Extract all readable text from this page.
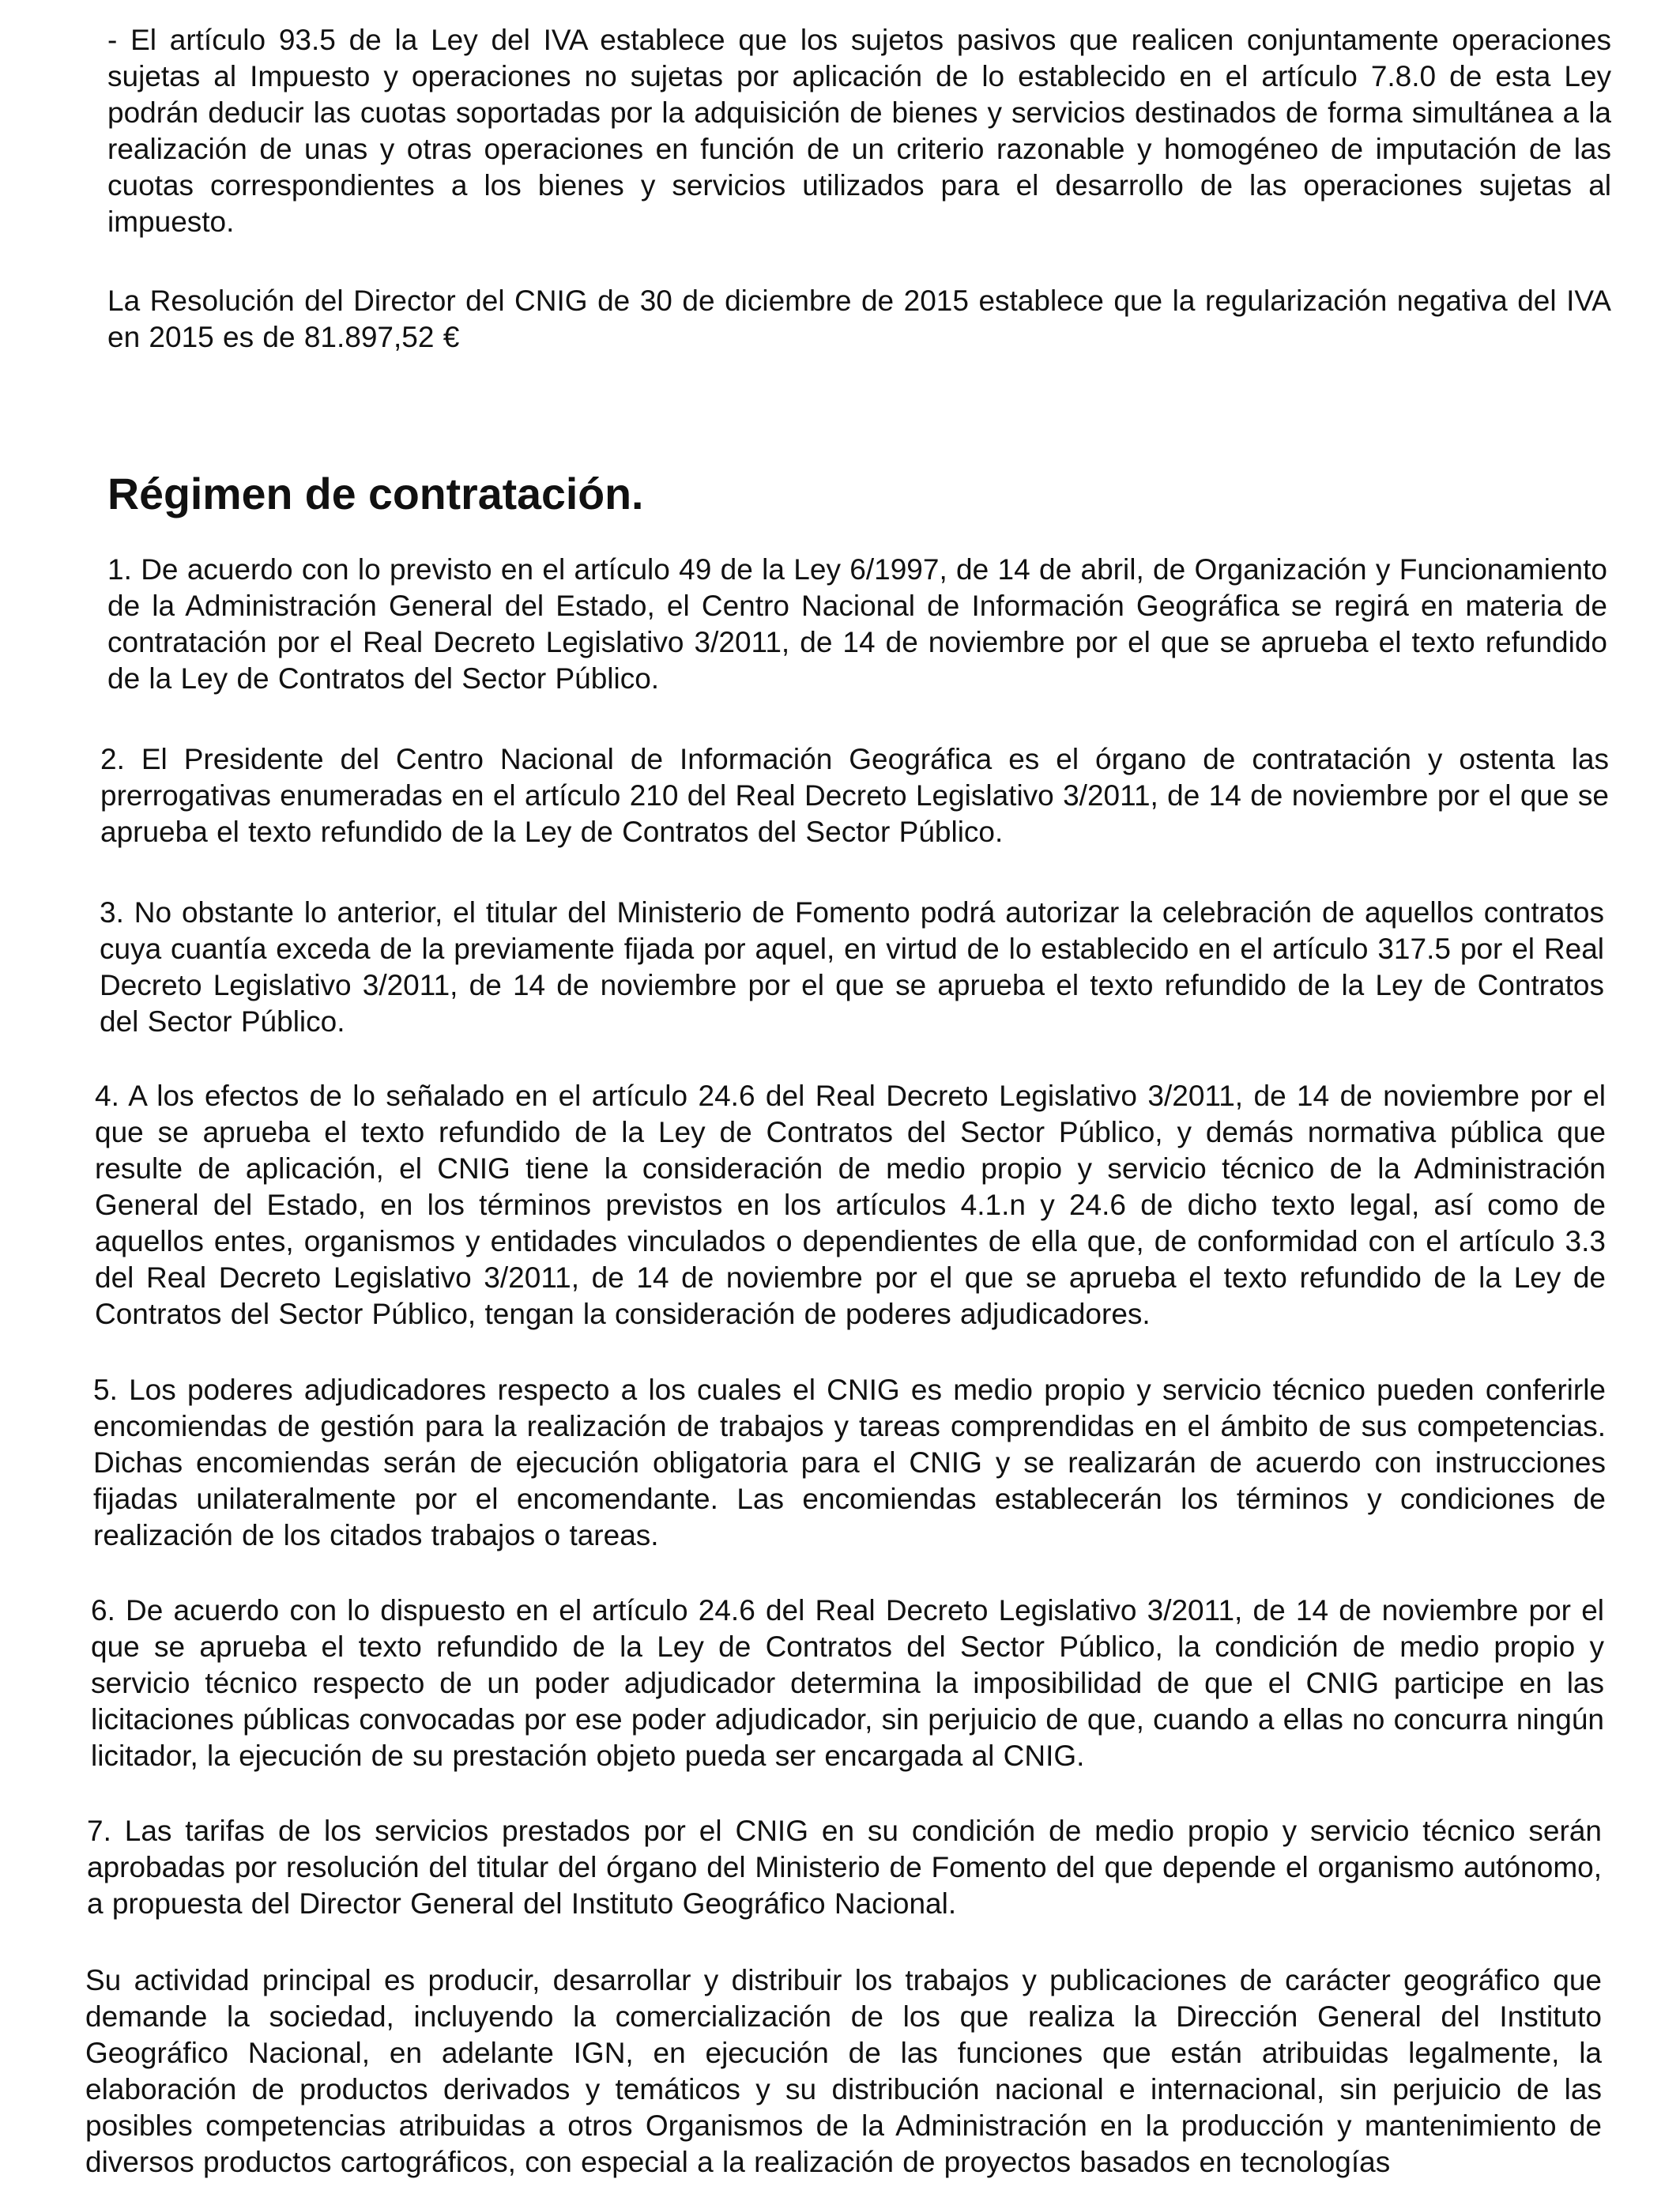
- El artículo 93.5 de la Ley del IVA establece que los sujetos pasivos que realicen conjuntamente operaciones sujetas al Impuesto y operaciones no sujetas por aplicación de lo establecido en el artículo 7.8.0 de esta Ley podrán deducir las cuotas soportadas por la adquisición de bienes y servicios destinados de forma simultánea a la realización de unas y otras operaciones en función de un criterio razonable y homogéneo de imputación de las cuotas correspondientes a los bienes y servicios utilizados para el desarrollo de las operaciones sujetas al impuesto.

La Resolución del Director del CNIG de 30 de diciembre de 2015 establece que la regularización negativa del IVA en 2015 es de 81.897,52 €

Régimen de contratación.

1. De acuerdo con lo previsto en el artículo 49 de la Ley 6/1997, de 14 de abril, de Organización y Funcionamiento de la Administración General del Estado, el Centro Nacional de Información Geográfica se regirá en materia de contratación por el Real Decreto Legislativo 3/2011, de 14 de noviembre por el que se aprueba el texto refundido de la Ley de Contratos del Sector Público.

2. El Presidente del Centro Nacional de Información Geográfica es el órgano de contratación y ostenta las prerrogativas enumeradas en el artículo 210 del Real Decreto Legislativo 3/2011, de 14 de noviembre por el que se aprueba el texto refundido de la Ley de Contratos del Sector Público.

3. No obstante lo anterior, el titular del Ministerio de Fomento podrá autorizar la celebración de aquellos contratos cuya cuantía exceda de la previamente fijada por aquel, en virtud de lo establecido en el artículo 317.5 por el Real Decreto Legislativo 3/2011, de 14 de noviembre por el que se aprueba el texto refundido de la Ley de Contratos del Sector Público.

4. A los efectos de lo señalado en el artículo 24.6 del Real Decreto Legislativo 3/2011, de 14 de noviembre por el que se aprueba el texto refundido de la Ley de Contratos del Sector Público, y demás normativa pública que resulte de aplicación, el CNIG tiene la consideración de medio propio y servicio técnico de la Administración General del Estado, en los términos previstos en los artículos 4.1.n y 24.6 de dicho texto legal, así como de aquellos entes, organismos y entidades vinculados o dependientes de ella que, de conformidad con el artículo 3.3 del Real Decreto Legislativo 3/2011, de 14 de noviembre por el que se aprueba el texto refundido de la Ley de Contratos del Sector Público, tengan la consideración de poderes adjudicadores.

5. Los poderes adjudicadores respecto a los cuales el CNIG es medio propio y servicio técnico pueden conferirle encomiendas de gestión para la realización de trabajos y tareas comprendidas en el ámbito de sus competencias. Dichas encomiendas serán de ejecución obligatoria para el CNIG y se realizarán de acuerdo con instrucciones fijadas unilateralmente por el encomendante. Las encomiendas establecerán los términos y condiciones de realización de los citados trabajos o tareas.

6. De acuerdo con lo dispuesto en el artículo 24.6 del Real Decreto Legislativo 3/2011, de 14 de noviembre por el que se aprueba el texto refundido de la Ley de Contratos del Sector Público, la condición de medio propio y servicio técnico respecto de un poder adjudicador determina la imposibilidad de que el CNIG participe en las licitaciones públicas convocadas por ese poder adjudicador, sin perjuicio de que, cuando a ellas no concurra ningún licitador, la ejecución de su prestación objeto pueda ser encargada al CNIG.

7. Las tarifas de los servicios prestados por el CNIG en su condición de medio propio y servicio técnico serán aprobadas por resolución del titular del órgano del Ministerio de Fomento del que depende el organismo autónomo, a propuesta del Director General del Instituto Geográfico Nacional.

Su actividad principal es producir, desarrollar y distribuir los trabajos y publicaciones de carácter geográfico que demande la sociedad, incluyendo la comercialización de los que realiza la Dirección General del Instituto Geográfico Nacional, en adelante IGN, en ejecución de las funciones que están atribuidas legalmente, la elaboración de productos derivados y temáticos y su distribución nacional e internacional, sin perjuicio de las posibles competencias atribuidas a otros Organismos de la Administración en la producción y mantenimiento de diversos productos cartográficos, con especial a la realización de proyectos basados en tecnologías
